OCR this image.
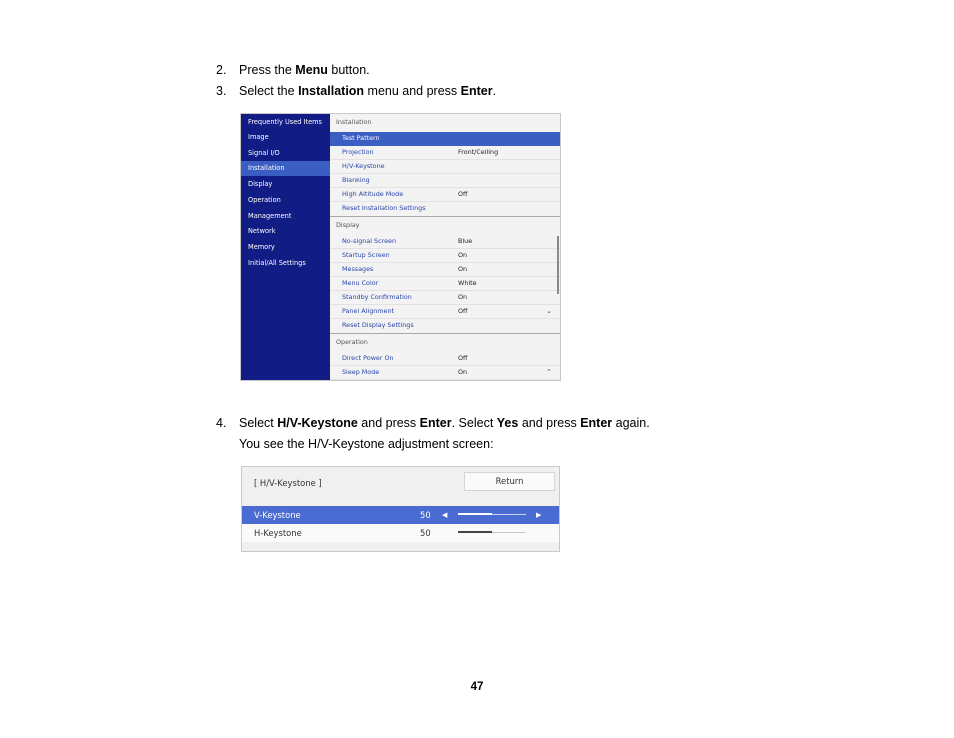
2. Press the Menu button.
3. Select the Installation menu and press Enter.
Frequently Used Items
Image
Signal I/O
Installation
Display
Operation
Management
Network
Memory
Initial/All Settings
Installation
Test Pattern
Projection	Front/Ceiling
H/V-Keystone
Blanking
High Altitude Mode	Off
Reset Installation Settings
Display
No-signal Screen	Blue
Startup Screen	On
Messages	On
Menu Color	White
Standby Confirmation	On
Panel Alignment	Off	⌄
Reset Display Settings
Operation
Direct Power On	Off
Sleep Mode	On	⌃
4. Select H/V-Keystone and press Enter. Select Yes and press Enter again.
You see the H/V-Keystone adjustment screen:
[ H/V-Keystone ]	Return
V-Keystone	50 ◀	▶
H-Keystone	50
47
